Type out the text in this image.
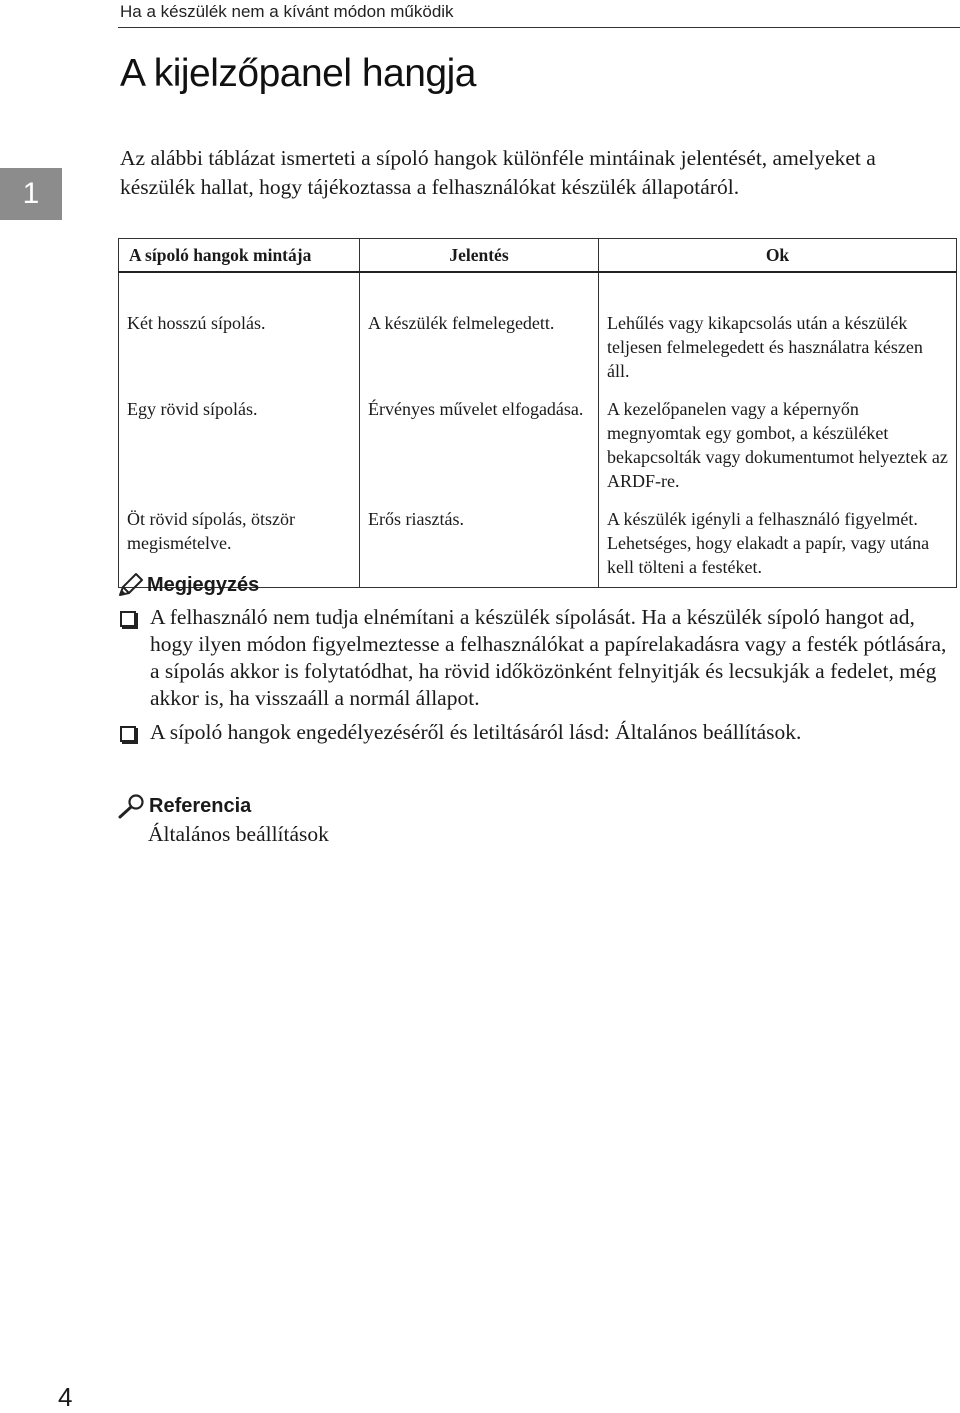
Ha a készülék nem a kívánt módon működik
A kijelzőpanel hangja
1

Az alábbi táblázat ismerteti a sípoló hangok különféle mintáinak jelentését, amelyeket a készülék hallat, hogy tájékoztassa a felhasználókat készülék állapotáról.

A sípoló hangok mintája	Jelentés	Ok
Két hosszú sípolás.	A készülék felmelegedett.	Lehűlés vagy kikapcsolás után a készülék teljesen felmelegedett és használatra készen áll.
Egy rövid sípolás.	Érvényes művelet elfogadása.	A kezelőpanelen vagy a képernyőn megnyomtak egy gombot, a készüléket bekapcsolták vagy dokumentumot helyeztek az ARDF-re.
Öt rövid sípolás, ötször megismételve.	Erős riasztás.	A készülék igényli a felhasználó figyelmét. Lehetséges, hogy elakadt a papír, vagy utána kell tölteni a festéket.
Megjegyzés
A felhasználó nem tudja elnémítani a készülék sípolását. Ha a készülék sípoló hangot ad, hogy ilyen módon figyelmeztesse a felhasználókat a papírelakadásra vagy a festék pótlására, a sípolás akkor is folytatódhat, ha rövid időközönként felnyitják és lecsukják a fedelet, még akkor is, ha visszaáll a normál állapot.
A sípoló hangok engedélyezéséről és letiltásáról lásd: Általános beállítások.
Referencia
Általános beállítások
4
